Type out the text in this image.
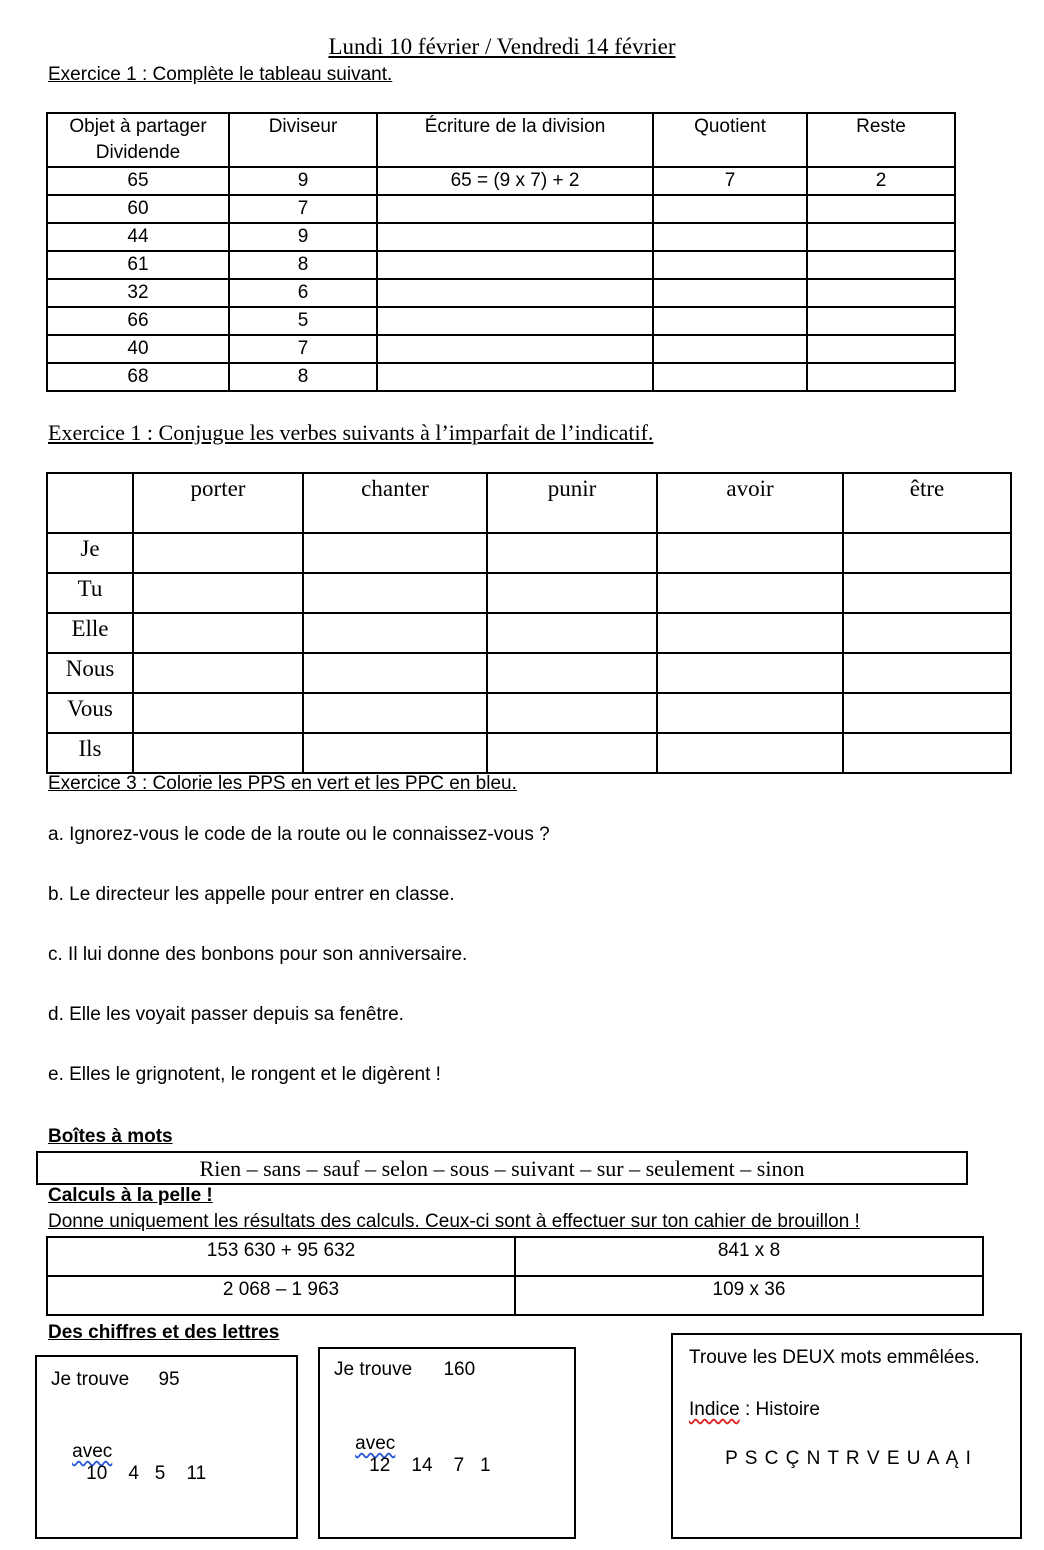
Lundi 10 février / Vendredi 14 février
Exercice 1 : Complète le tableau suivant.
Objet à partager Dividende	Diviseur	Écriture de la division	Quotient	Reste
65	9	65 = (9 x 7) + 2	7	2
60	7			
44	9			
61	8			
32	6			
66	5			
40	7			
68	8			
Exercice 1 : Conjugue les verbes suivants à l’imparfait de l’indicatif.
	porter	chanter	punir	avoir	être
Je					
Tu					
Elle					
Nous					
Vous					
Ils					
Exercice 3 : Colorie les PPS en vert et les PPC en bleu.
a. Ignorez-vous le code de la route ou le connaissez-vous ?
b. Le directeur les appelle pour entrer en classe.
c. Il lui donne des bonbons pour son anniversaire.
d. Elle les voyait passer depuis sa fenêtre.
e. Elles le grignotent, le rongent et le digèrent !
Boîtes à mots
Rien – sans – sauf – selon – sous – suivant – sur – seulement – sinon
Calculs à la pelle !
Donne uniquement les résultats des calculs. Ceux-ci sont à effectuer sur ton cahier de brouillon !
153 630 + 95 632	841 x 8
2 068 – 1 963	109 x 36
Des chiffres et des lettres
Je trouve 95

avec
10    4   5    11

Je trouve 160

avec
12    14    7   1

Trouve les DEUX mots emmêlées.
Indice : Histoire
P S C Ç N T R V E U A Ą I
